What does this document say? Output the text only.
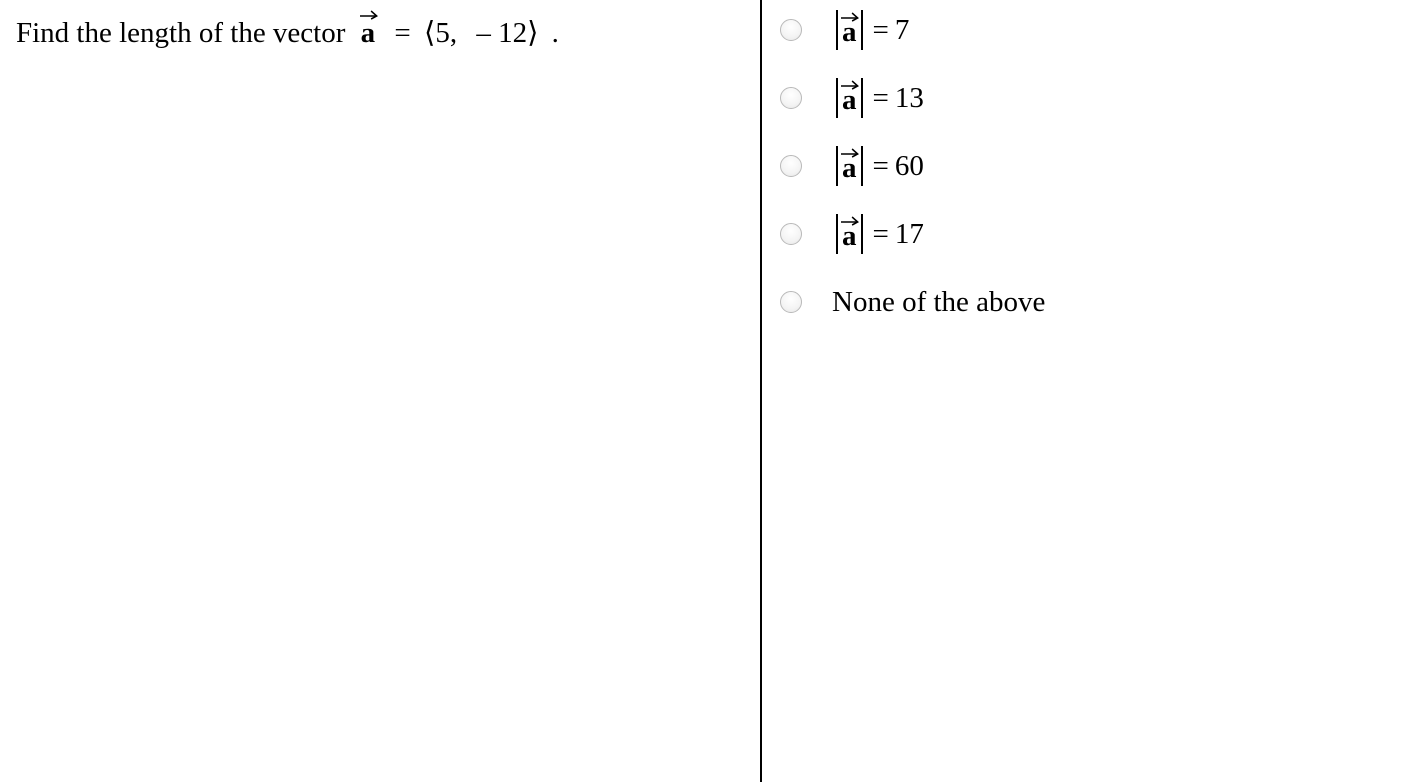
Find the length of the vector a = ⟨5, – 12⟩ .	a = 7
a = 13
a = 60
a = 17
None of the above
